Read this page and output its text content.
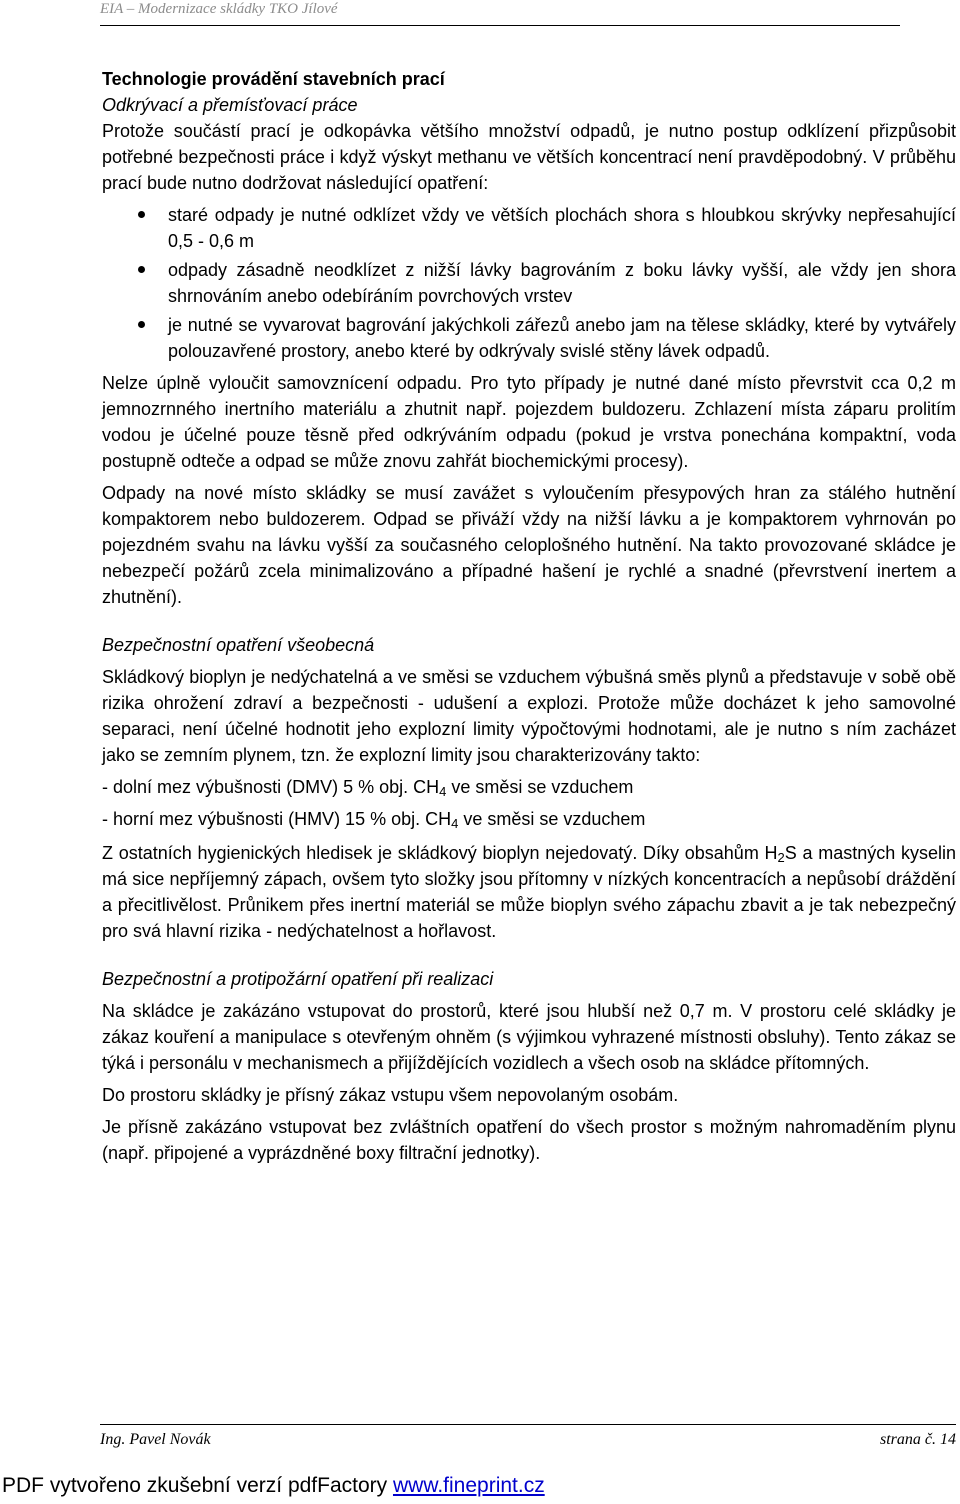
EIA – Modernizace skládky TKO Jílové

Technologie provádění stavebních prací

Odkrývací a přemísťovací práce

Protože součástí prací je odkopávka většího množství odpadů, je nutno postup odklízení přizpůsobit potřebné bezpečnosti práce i když výskyt methanu ve větších koncentrací není pravděpodobný. V průběhu prací bude nutno dodržovat následující opatření:

staré odpady je nutné odklízet vždy ve větších plochách shora s hloubkou skrývky nepřesahující 0,5 - 0,6 m
odpady zásadně neodklízet z nižší lávky bagrováním z boku lávky vyšší, ale vždy jen shora shrnováním anebo odebíráním povrchových vrstev
je nutné se vyvarovat bagrování jakýchkoli zářezů anebo jam na tělese skládky, které by vytvářely polouzavřené prostory, anebo které by odkrývaly svislé stěny lávek odpadů.

Nelze úplně vyloučit samovznícení odpadu. Pro tyto případy je nutné dané místo převrstvit cca 0,2 m jemnozrnného inertního materiálu a zhutnit např. pojezdem buldozeru. Zchlazení místa záparu prolitím vodou je účelné pouze těsně před odkrýváním odpadu (pokud je vrstva ponechána kompaktní, voda postupně odteče a odpad se může znovu zahřát biochemickými procesy).

Odpady na nové místo skládky se musí zavážet s vyloučením přesypových hran za stálého hutnění kompaktorem nebo buldozerem. Odpad se přiváží vždy na nižší lávku a je kompaktorem vyhrnován po pojezdném svahu na lávku vyšší za současného celoplošného hutnění. Na takto provozované skládce je nebezpečí požárů zcela minimalizováno a případné hašení je rychlé a snadné (převrstvení inertem a zhutnění).

Bezpečnostní opatření všeobecná

Skládkový bioplyn je nedýchatelná a ve směsi se vzduchem výbušná směs plynů a představuje v sobě obě rizika ohrožení zdraví a bezpečnosti - udušení a explozi. Protože může docházet k jeho samovolné separaci, není účelné hodnotit jeho explozní limity výpočtovými hodnotami, ale je nutno s ním zacházet jako se zemním plynem, tzn. že explozní limity jsou charakterizovány takto:

- dolní mez výbušnosti (DMV) 5 % obj. $CH_4$ ve směsi se vzduchem

- horní mez výbušnosti (HMV) 15 % obj. $CH_4$ ve směsi se vzduchem

Z ostatních hygienických hledisek je skládkový bioplyn nejedovatý. Díky obsahům $H_2S$ a mastných kyselin má sice nepříjemný zápach, ovšem tyto složky jsou přítomny v nízkých koncentracích a nepůsobí dráždění a přecitlivělost. Průnikem přes inertní materiál se může bioplyn svého zápachu zbavit a je tak nebezpečný pro svá hlavní rizika - nedýchatelnost a hořlavost.

Bezpečnostní a protipožární opatření při realizaci

Na skládce je zakázáno vstupovat do prostorů, které jsou hlubší než 0,7 m. V prostoru celé skládky je zákaz kouření a manipulace s otevřeným ohněm (s výjimkou vyhrazené místnosti obsluhy). Tento zákaz se týká i personálu v mechanismech a přijíždějících vozidlech a všech osob na skládce přítomných.

Do prostoru skládky je přísný zákaz vstupu všem nepovolaným osobám.

Je přísně zakázáno vstupovat bez zvláštních opatření do všech prostor s možným nahromaděním plynu (např. připojené a vyprázdněné boxy filtrační jednotky).

Ing. Pavel Novák	strana č. 14
PDF vytvořeno zkušební verzí pdfFactory www.fineprint.cz
